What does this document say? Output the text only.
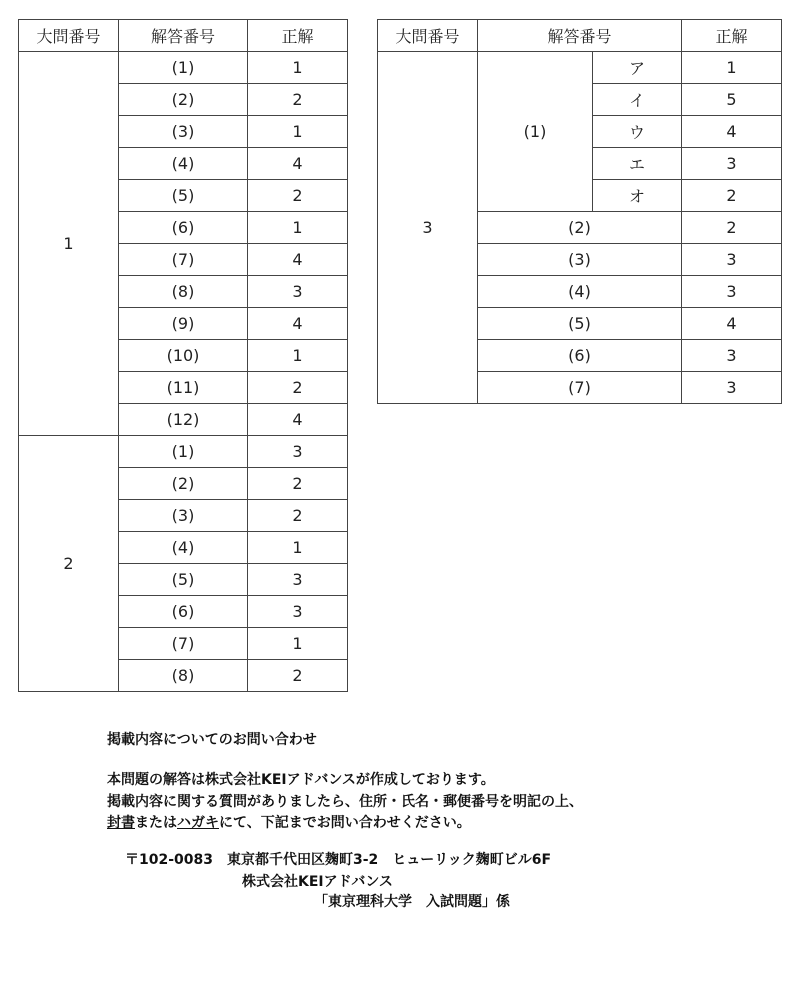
大問番号	解答番号	正解
1	(1)	1
	(2)	2
	(3)	1
	(4)	4
	(5)	2
	(6)	1
	(7)	4
	(8)	3
	(9)	4
	(10)	1
	(11)	2
	(12)	4
2	(1)	3
	(2)	2
	(3)	2
	(4)	1
	(5)	3
	(6)	3
	(7)	1
	(8)	2
大問番号	解答番号		正解
3	(1)	ア	1
		イ	5
		ウ	4
		エ	3
		オ	2
	(2)		2
	(3)		3
	(4)		3
	(5)		4
	(6)		3
	(7)		3
掲載内容についてのお問い合わせ
本問題の解答は株式会社KEIアドバンスが作成しております。
掲載内容に関する質問がありましたら、住所・氏名・郵便番号を明記の上、
封書またはハガキにて、下記までお問い合わせください。
〒102-0083　東京都千代田区麹町3-2　ヒューリック麹町ビル6F
株式会社KEIアドバンス
「東京理科大学　入試問題」係
